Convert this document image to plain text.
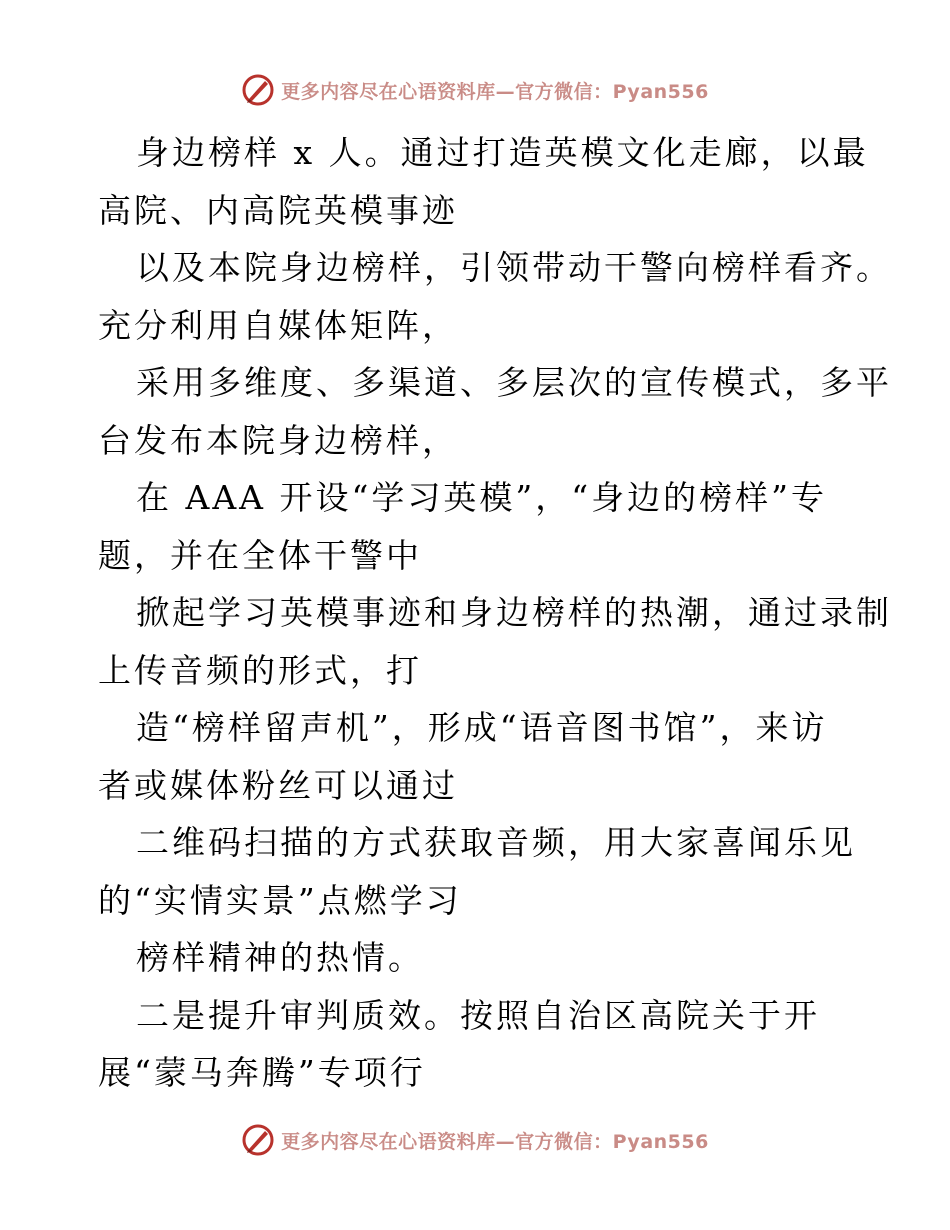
更多内容尽在心语资料库—官方微信：Pyan556
身边榜样 x 人。通过打造英模文化走廊，以最
高院、内高院英模事迹
以及本院身边榜样，引领带动干警向榜样看齐。
充分利用自媒体矩阵，
采用多维度、多渠道、多层次的宣传模式，多平
台发布本院身边榜样，
在 AAA 开设“学习英模”，“身边的榜样”专
题，并在全体干警中
掀起学习英模事迹和身边榜样的热潮，通过录制
上传音频的形式，打
造“榜样留声机”，形成“语音图书馆”，来访
者或媒体粉丝可以通过
二维码扫描的方式获取音频，用大家喜闻乐见
的“实情实景”点燃学习
榜样精神的热情。
二是提升审判质效。按照自治区高院关于开
展“蒙马奔腾”专项行
更多内容尽在心语资料库—官方微信：Pyan556
